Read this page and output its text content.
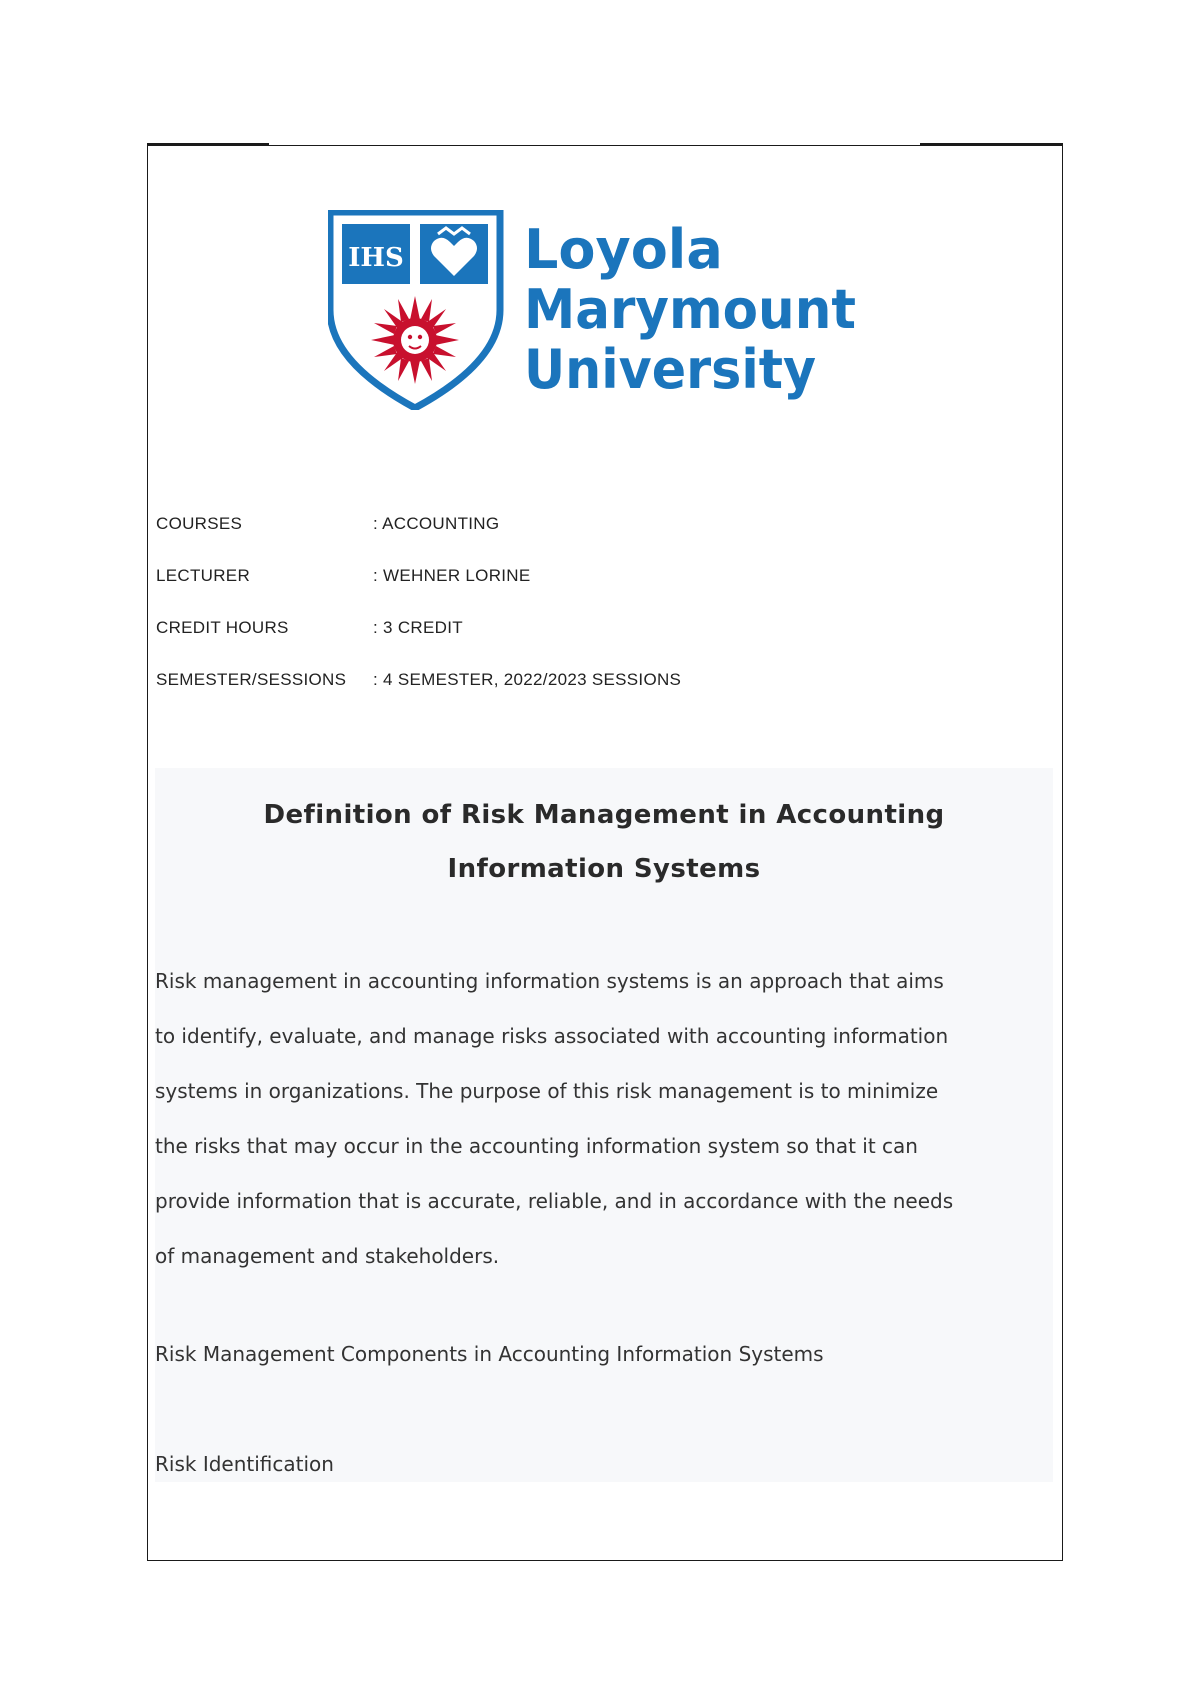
IHS Loyola
Marymount
University
COURSES	: ACCOUNTING
LECTURER	: WEHNER LORINE
CREDIT HOURS	: 3 CREDIT
SEMESTER/SESSIONS : 4 SEMESTER, 2022/2023 SESSIONS
Definition of Risk Management in Accounting
Information Systems
Risk management in accounting information systems is an approach that aims
to identify, evaluate, and manage risks associated with accounting information
systems in organizations. The purpose of this risk management is to minimize
the risks that may occur in the accounting information system so that it can
provide information that is accurate, reliable, and in accordance with the needs
of management and stakeholders.
Risk Management Components in Accounting Information Systems
Risk Identification
